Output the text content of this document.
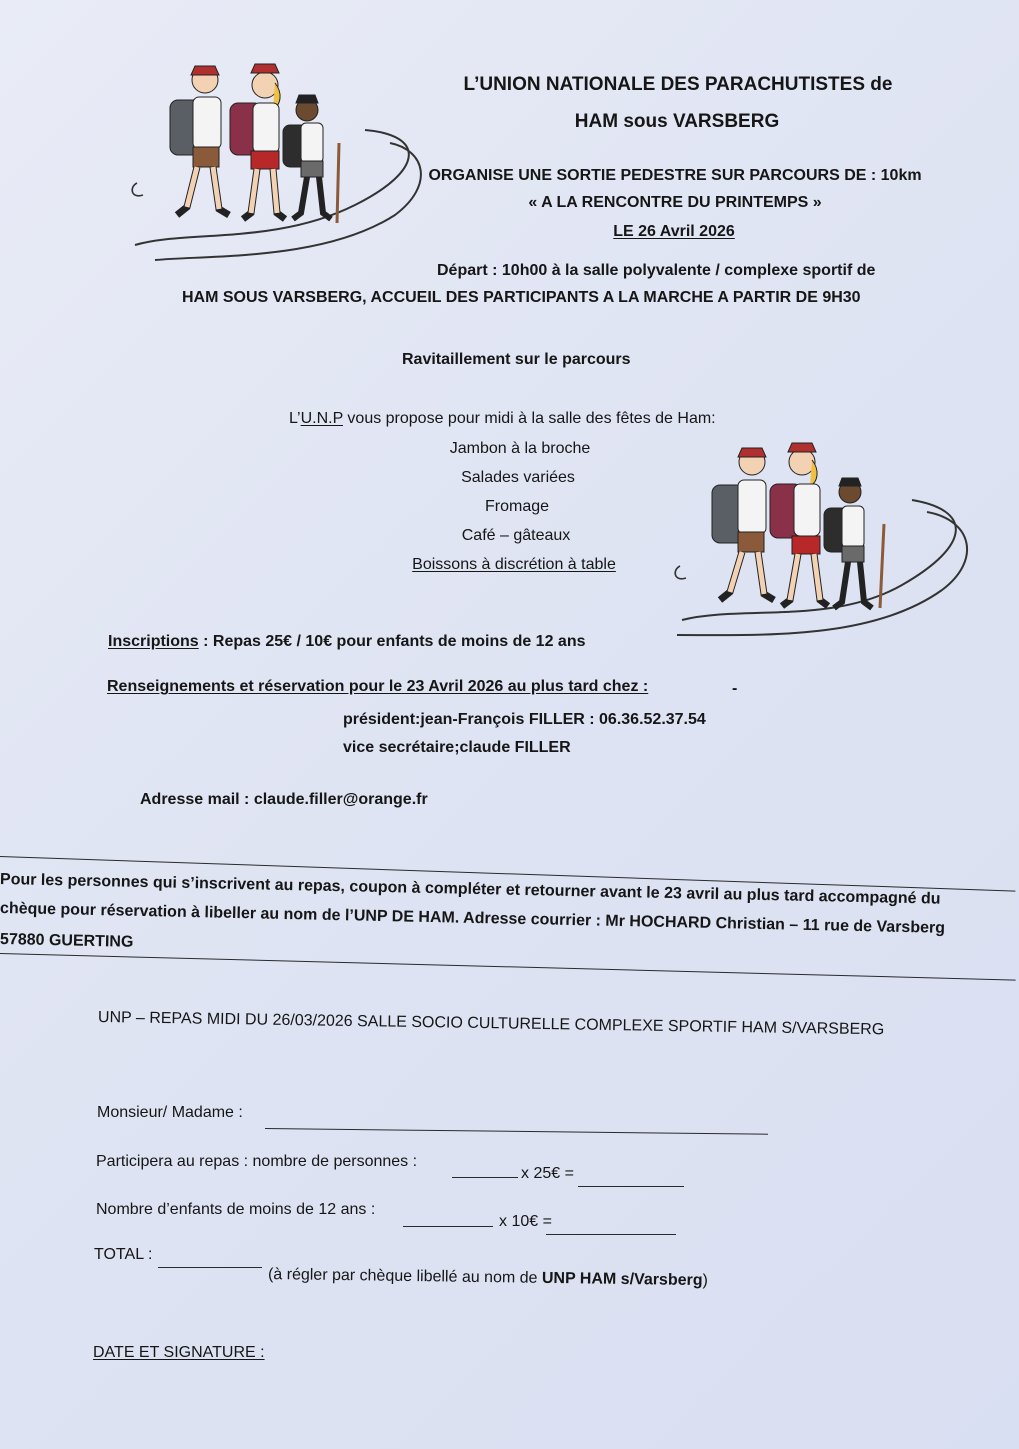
L’UNION NATIONALE DES PARACHUTISTES de
HAM sous VARSBERG
ORGANISE UNE SORTIE PEDESTRE SUR PARCOURS DE : 10km
« A LA RENCONTRE DU PRINTEMPS »
LE 26 Avril 2026
Départ : 10h00 à la salle polyvalente / complexe sportif de
HAM SOUS VARSBERG, ACCUEIL DES PARTICIPANTS A LA MARCHE A PARTIR DE 9H30
Ravitaillement sur le parcours
L’U.N.P vous propose pour midi à la salle des fêtes de Ham:
Jambon à la broche
Salades variées
Fromage
Café – gâteaux
Boissons à discrétion à table
Inscriptions : Repas 25€ / 10€ pour enfants de moins de 12 ans
Renseignements et réservation pour le 23 Avril 2026 au plus tard chez :	-
président:jean-François FILLER : 06.36.52.37.54
vice secrétaire;claude FILLER
Adresse mail : claude.filler@orange.fr
Pour les personnes qui s’inscrivent au repas, coupon à compléter et retourner avant le 23 avril au plus tard accompagné du
chèque pour réservation à libeller au nom de l’UNP DE HAM. Adresse courrier : Mr HOCHARD Christian – 11 rue de Varsberg
57880 GUERTING
UNP – REPAS MIDI DU 26/03/2026 SALLE SOCIO CULTURELLE COMPLEXE SPORTIF HAM S/VARSBERG
Monsieur/ Madame :
Participera au repas : nombre de personnes :
x 25€ =
Nombre d’enfants de moins de 12 ans :
x 10€ =
TOTAL :
(à régler par chèque libellé au nom de UNP HAM s/Varsberg)
DATE ET SIGNATURE :
